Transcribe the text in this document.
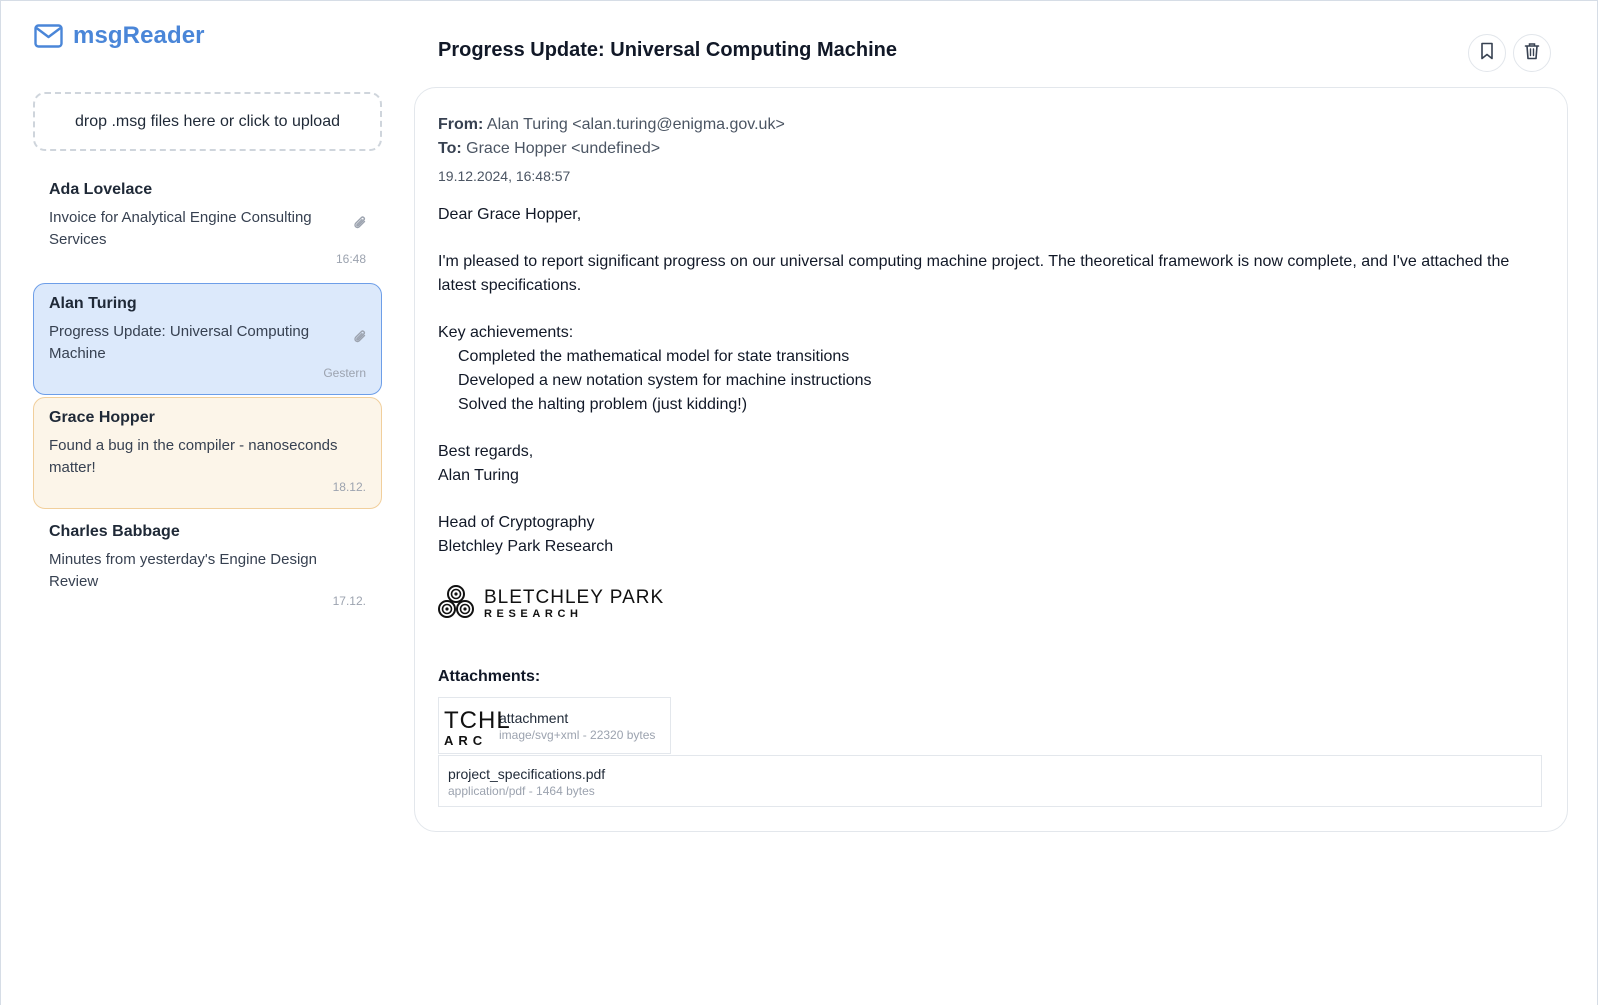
msgReader
drop .msg files here or click to upload
Ada Lovelace
Invoice for Analytical Engine Consulting Services
16:48
Alan Turing
Progress Update: Universal Computing Machine
Gestern
Grace Hopper
Found a bug in the compiler - nanoseconds matter!
18.12.
Charles Babbage
Minutes from yesterday's Engine Design Review
17.12.
Progress Update: Universal Computing Machine
From: Alan Turing <alan.turing@enigma.gov.uk>
To: Grace Hopper <undefined>
19.12.2024, 16:48:57

Dear Grace Hopper,

I'm pleased to report significant progress on our universal computing machine project. The theoretical framework is now complete, and I've attached the latest specifications.

Key achievements:

Completed the mathematical model for state transitions

Developed a new notation system for machine instructions

Solved the halting problem (just kidding!)

Best regards,

Alan Turing

Head of Cryptography

Bletchley Park Research

BLETCHLEY PARK
RESEARCH
Attachments:
TCHL
ARC
attachment
image/svg+xml - 22320 bytes
project_specifications.pdf
application/pdf - 1464 bytes
